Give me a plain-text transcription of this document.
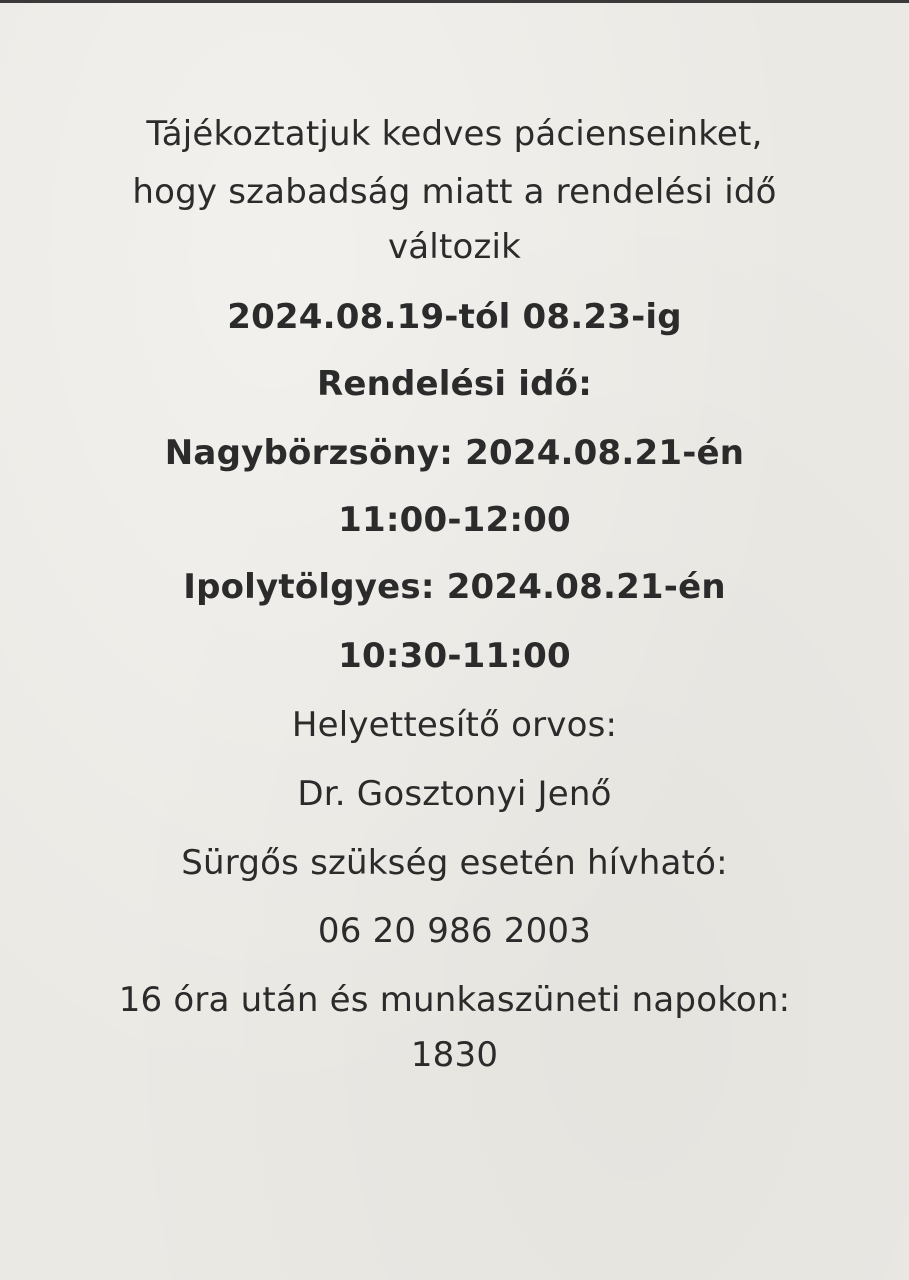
Tájékoztatjuk kedves pácienseinket,
hogy szabadság miatt a rendelési idő
változik
2024.08.19-tól 08.23-ig
Rendelési idő:
Nagybörzsöny: 2024.08.21-én
11:00-12:00
Ipolytölgyes: 2024.08.21-én
10:30-11:00
Helyettesítő orvos:
Dr. Gosztonyi Jenő
Sürgős szükség esetén hívható:
06 20 986 2003
16 óra után és munkaszüneti napokon:
1830
